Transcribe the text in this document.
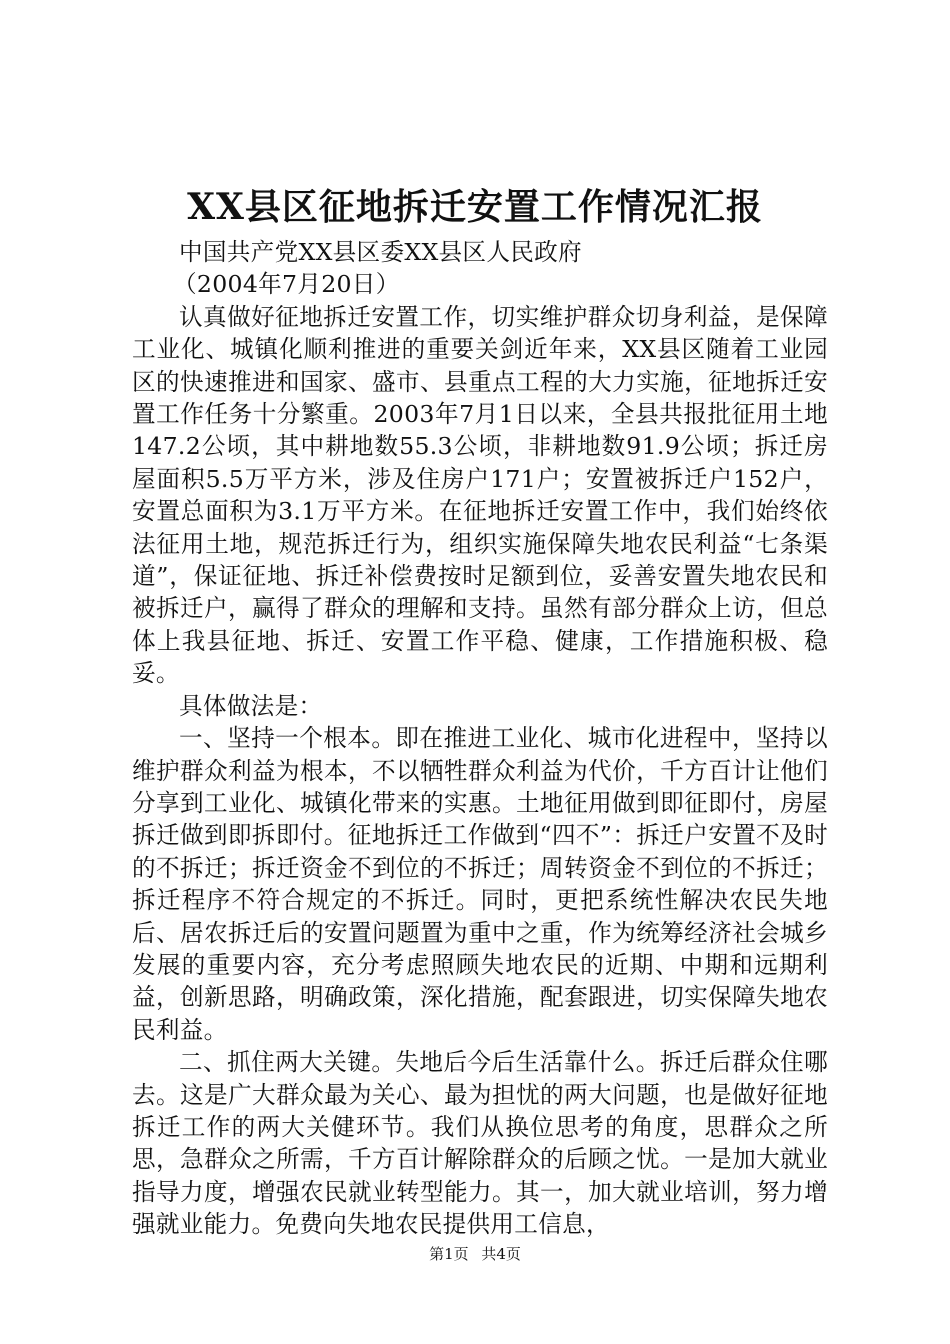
XX县区征地拆迁安置工作情况汇报

中国共产党XX县区委XX县区人民政府

（2004年7月20日）

认真做好征地拆迁安置工作，切实维护群众切身利益，是保障工业化、城镇化顺利推进的重要关剑近年来，XX县区随着工业园区的快速推进和国家、盛市、县重点工程的大力实施，征地拆迁安置工作任务十分繁重。2003年7月1日以来，全县共报批征用土地147.2公顷，其中耕地数55.3公顷，非耕地数91.9公顷；拆迁房屋面积5.5万平方米，涉及住房户171户；安置被拆迁户152户，安置总面积为3.1万平方米。在征地拆迁安置工作中，我们始终依法征用土地，规范拆迁行为，组织实施保障失地农民利益“七条渠道”，保证征地、拆迁补偿费按时足额到位，妥善安置失地农民和被拆迁户，赢得了群众的理解和支持。虽然有部分群众上访，但总体上我县征地、拆迁、安置工作平稳、健康，工作措施积极、稳妥。

具体做法是：

一、坚持一个根本。即在推进工业化、城市化进程中，坚持以维护群众利益为根本，不以牺牲群众利益为代价，千方百计让他们分享到工业化、城镇化带来的实惠。土地征用做到即征即付，房屋拆迁做到即拆即付。征地拆迁工作做到“四不”：拆迁户安置不及时的不拆迁；拆迁资金不到位的不拆迁；周转资金不到位的不拆迁；拆迁程序不符合规定的不拆迁。同时，更把系统性解决农民失地后、居农拆迁后的安置问题置为重中之重，作为统筹经济社会城乡发展的重要内容，充分考虑照顾失地农民的近期、中期和远期利益，创新思路，明确政策，深化措施，配套跟进，切实保障失地农民利益。

二、抓住两大关键。失地后今后生活靠什么。拆迁后群众住哪去。这是广大群众最为关心、最为担忧的两大问题，也是做好征地拆迁工作的两大关健环节。我们从换位思考的角度，思群众之所思，急群众之所需，千方百计解除群众的后顾之忧。一是加大就业指导力度，增强农民就业转型能力。其一，加大就业培训，努力增强就业能力。免费向失地农民提供用工信息，

第1页 共4页
